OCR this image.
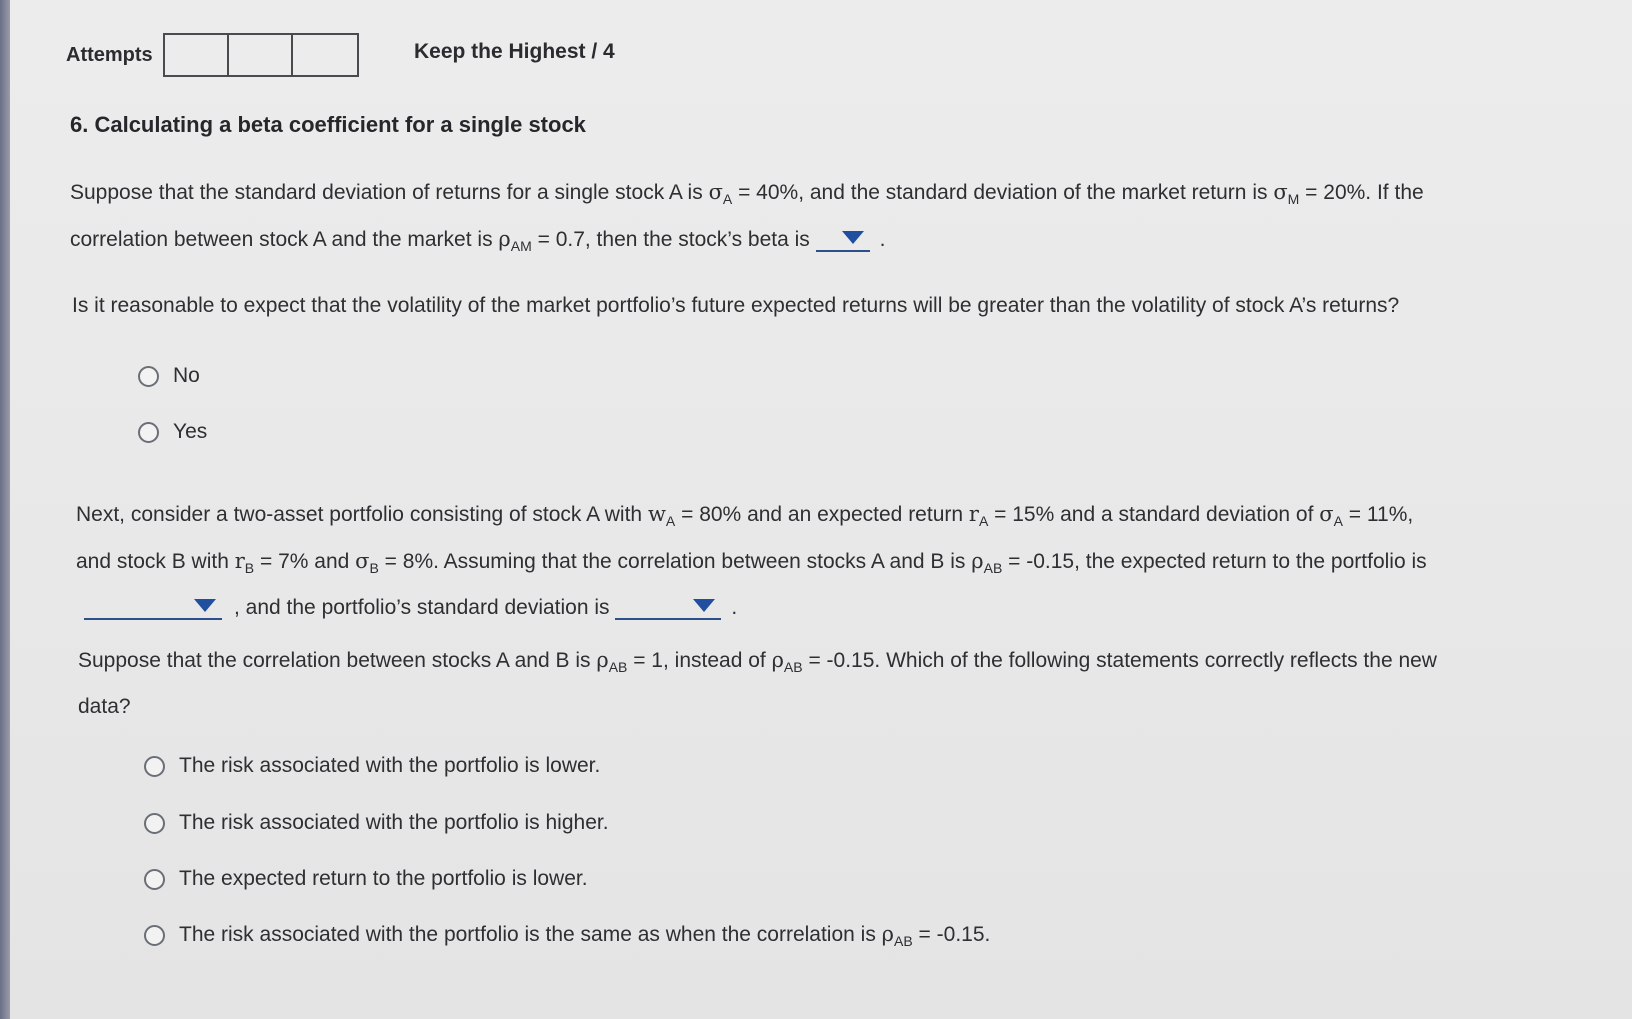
Attempts	Keep the Highest / 4
6. Calculating a beta coefficient for a single stock
Suppose that the standard deviation of returns for a single stock A is $\sigma_A = 40\%$, and the standard deviation of the market return is $\sigma_M = 20\%$. If the
correlation between stock A and the market is $\rho_{AM} = 0.7$, then the stock’s beta is	.
Is it reasonable to expect that the volatility of the market portfolio’s future expected returns will be greater than the volatility of stock A’s returns?
No
Yes
Next, consider a two-asset portfolio consisting of stock A with $w_A = 80\%$ and an expected return $r_A = 15\%$ and a standard deviation of $\sigma_A = 11\%$,
and stock B with $r_B = 7\%$ and $\sigma_B = 8\%$. Assuming that the correlation between stocks A and B is $\rho_{AB} = -0.15$, the expected return to the portfolio is

, and the portfolio’s standard deviation is	.
Suppose that the correlation between stocks A and B is $\rho_{AB} = 1$, instead of $\rho_{AB} = -0.15$. Which of the following statements correctly reflects the new
data?
The risk associated with the portfolio is lower.
The risk associated with the portfolio is higher.
The expected return to the portfolio is lower.
The risk associated with the portfolio is the same as when the correlation is $\rho_{AB} = -0.15$.
